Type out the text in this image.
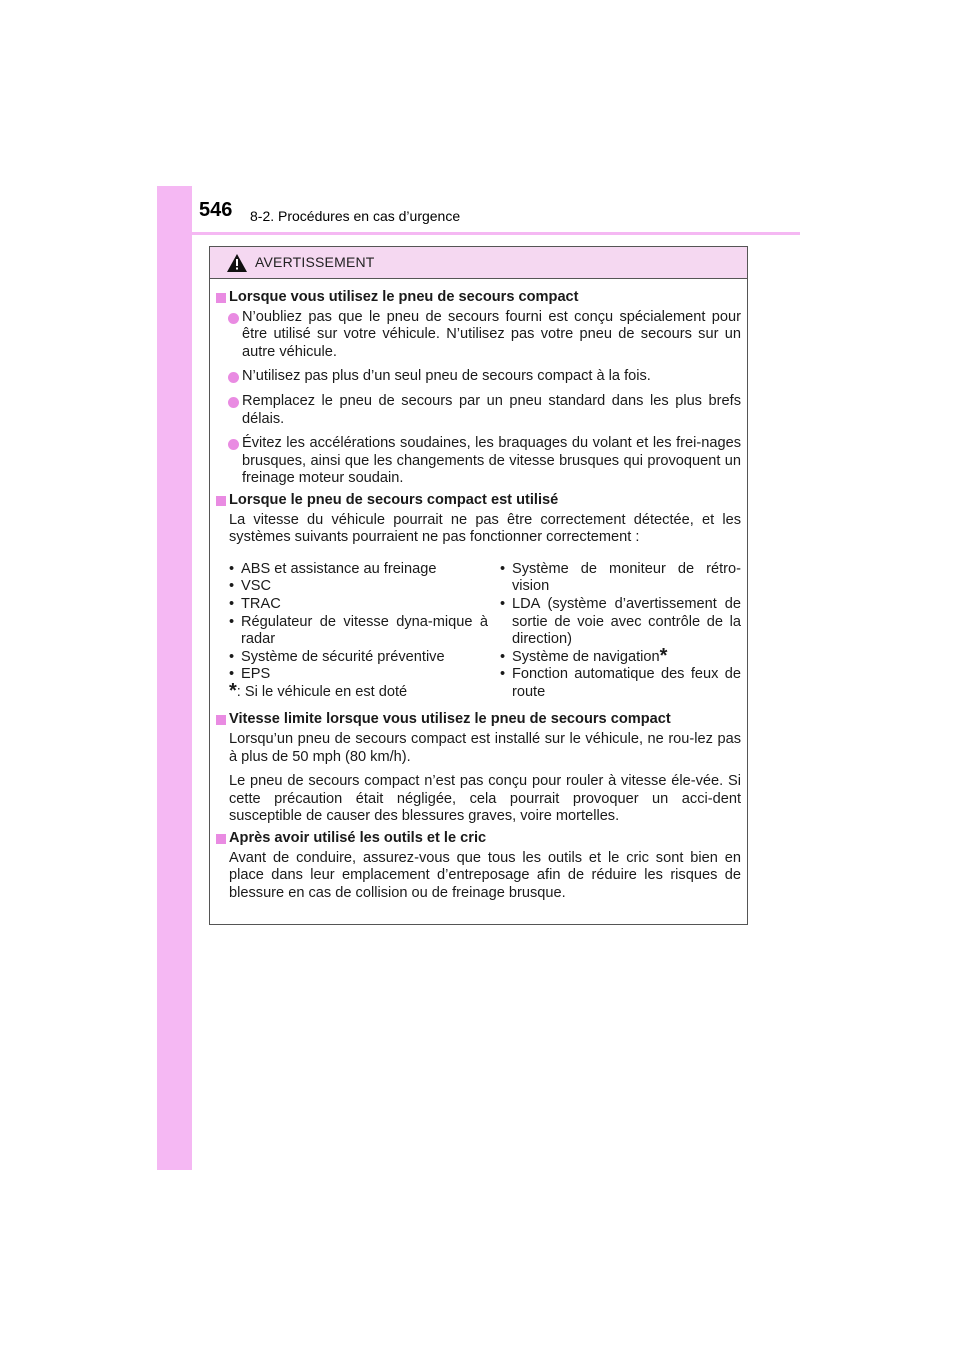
546 8-2. Procédures en cas d’urgence
AVERTISSEMENT
Lorsque vous utilisez le pneu de secours compact
N’oubliez pas que le pneu de secours fourni est conçu spécialement pour être utilisé sur votre véhicule. N’utilisez pas votre pneu de secours sur un autre véhicule.
N’utilisez pas plus d’un seul pneu de secours compact à la fois.
Remplacez le pneu de secours par un pneu standard dans les plus brefs délais.
Évitez les accélérations soudaines, les braquages du volant et les frei-nages brusques, ainsi que les changements de vitesse brusques qui provoquent un freinage moteur soudain.
Lorsque le pneu de secours compact est utilisé
La vitesse du véhicule pourrait ne pas être correctement détectée, et les systèmes suivants pourraient ne pas fonctionner correctement :
• ABS et assistance au freinage
• VSC
• TRAC
• Régulateur de vitesse dyna-mique à radar
• Système de sécurité préventive
• EPS
*: Si le véhicule en est doté
• Système de moniteur de rétro-vision
• LDA (système d’avertissement de sortie de voie avec contrôle de la direction)
• Système de navigation*
• Fonction automatique des feux de route
Vitesse limite lorsque vous utilisez le pneu de secours compact
Lorsqu’un pneu de secours compact est installé sur le véhicule, ne rou-lez pas à plus de 50 mph (80 km/h).
Le pneu de secours compact n’est pas conçu pour rouler à vitesse éle-vée. Si cette précaution était négligée, cela pourrait provoquer un acci-dent susceptible de causer des blessures graves, voire mortelles.
Après avoir utilisé les outils et le cric
Avant de conduire, assurez-vous que tous les outils et le cric sont bien en place dans leur emplacement d’entreposage afin de réduire les risques de blessure en cas de collision ou de freinage brusque.
